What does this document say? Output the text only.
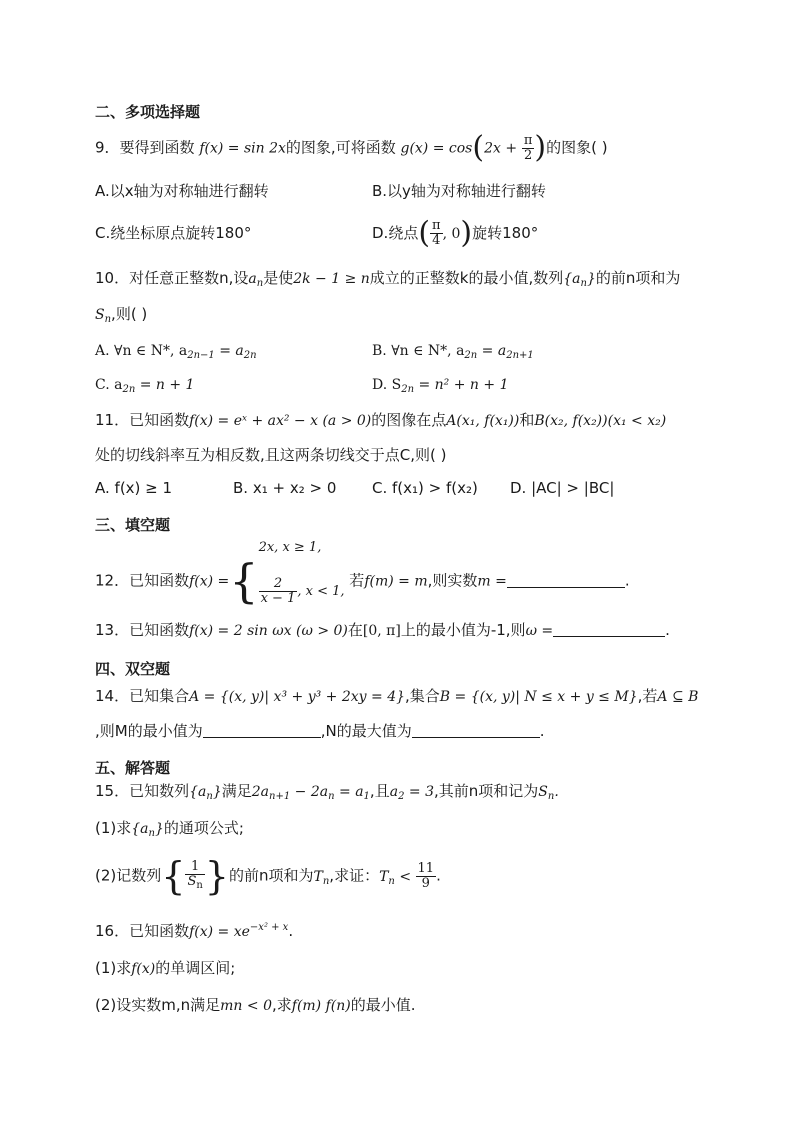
二、多项选择题
9．要得到函数 f(x) = sin 2x的图象,可将函数 $g(x) = \cos(2x + \frac{\pi}{2}$ )的图象( )
A.以x轴为对称轴进行翻转	B.以y轴为对称轴进行翻转
C.绕坐标原点旋转180°	D.绕点( $\frac{\pi}{4}$ , 0)旋转180°
10．对任意正整数n,设$a_n$是使2k − 1 ≥ n成立的正整数k的最小值,数列$\{a_n\}$的前n项和为
$S_n$,则( )
A. ∀n ∈ N*, $a_{2n-1} = a_{2n}$	B. ∀n ∈ N*, $a_{2n} = a_{2n+1}$
C. $a_{2n} = n + 1$	D. $S_{2n} = n^2 + n + 1$
11．已知函数f(x) = eˣ + ax² − x (a > 0)的图像在点A(x₁, f(x₁))和B(x₂, f(x₂))(x₁ < x₂)
处的切线斜率互为相反数,且这两条切线交于点C,则( )
A. f(x) ≥ 1	B. x₁ + x₂ > 0 C. f(x₁) > f(x₂) D. |AC| > |BC|
三、填空题
12．已知函数f(x) ={
2x, x ≥ 1,
$\frac{2}{x - 1}$ , x < 1,
若f(m) = m,则实数m =	.
13．已知函数f(x) = 2 sin ωx (ω > 0)在[0, π]上的最小值为-1,则ω =	.
四、双空题
14．已知集合A = {(x, y)| x³ + y³ + 2xy = 4},集合B = {(x, y)| N ≤ x + y ≤ M},若A ⊆ B
,则M的最小值为	,N的最大值为	.
五、解答题
15．已知数列$\{a_n\}$满足$2a_{n+1} - 2a_n = a_1$,且$a_2 = 3$,其前n项和记为$S_n$.
(1)求$\{a_n\}$的通项公式;
(2)记数列{ $\frac{1}{S_n}$ }的前n项和为$T_n$,求证：$T_n < \frac{11}{9}$ .
16．已知函数$f(x) = xe^{-x^2 + x}$.
(1)求f(x)的单调区间;
(2)设实数m,n满足mn < 0,求f(m) f(n)的最小值.
